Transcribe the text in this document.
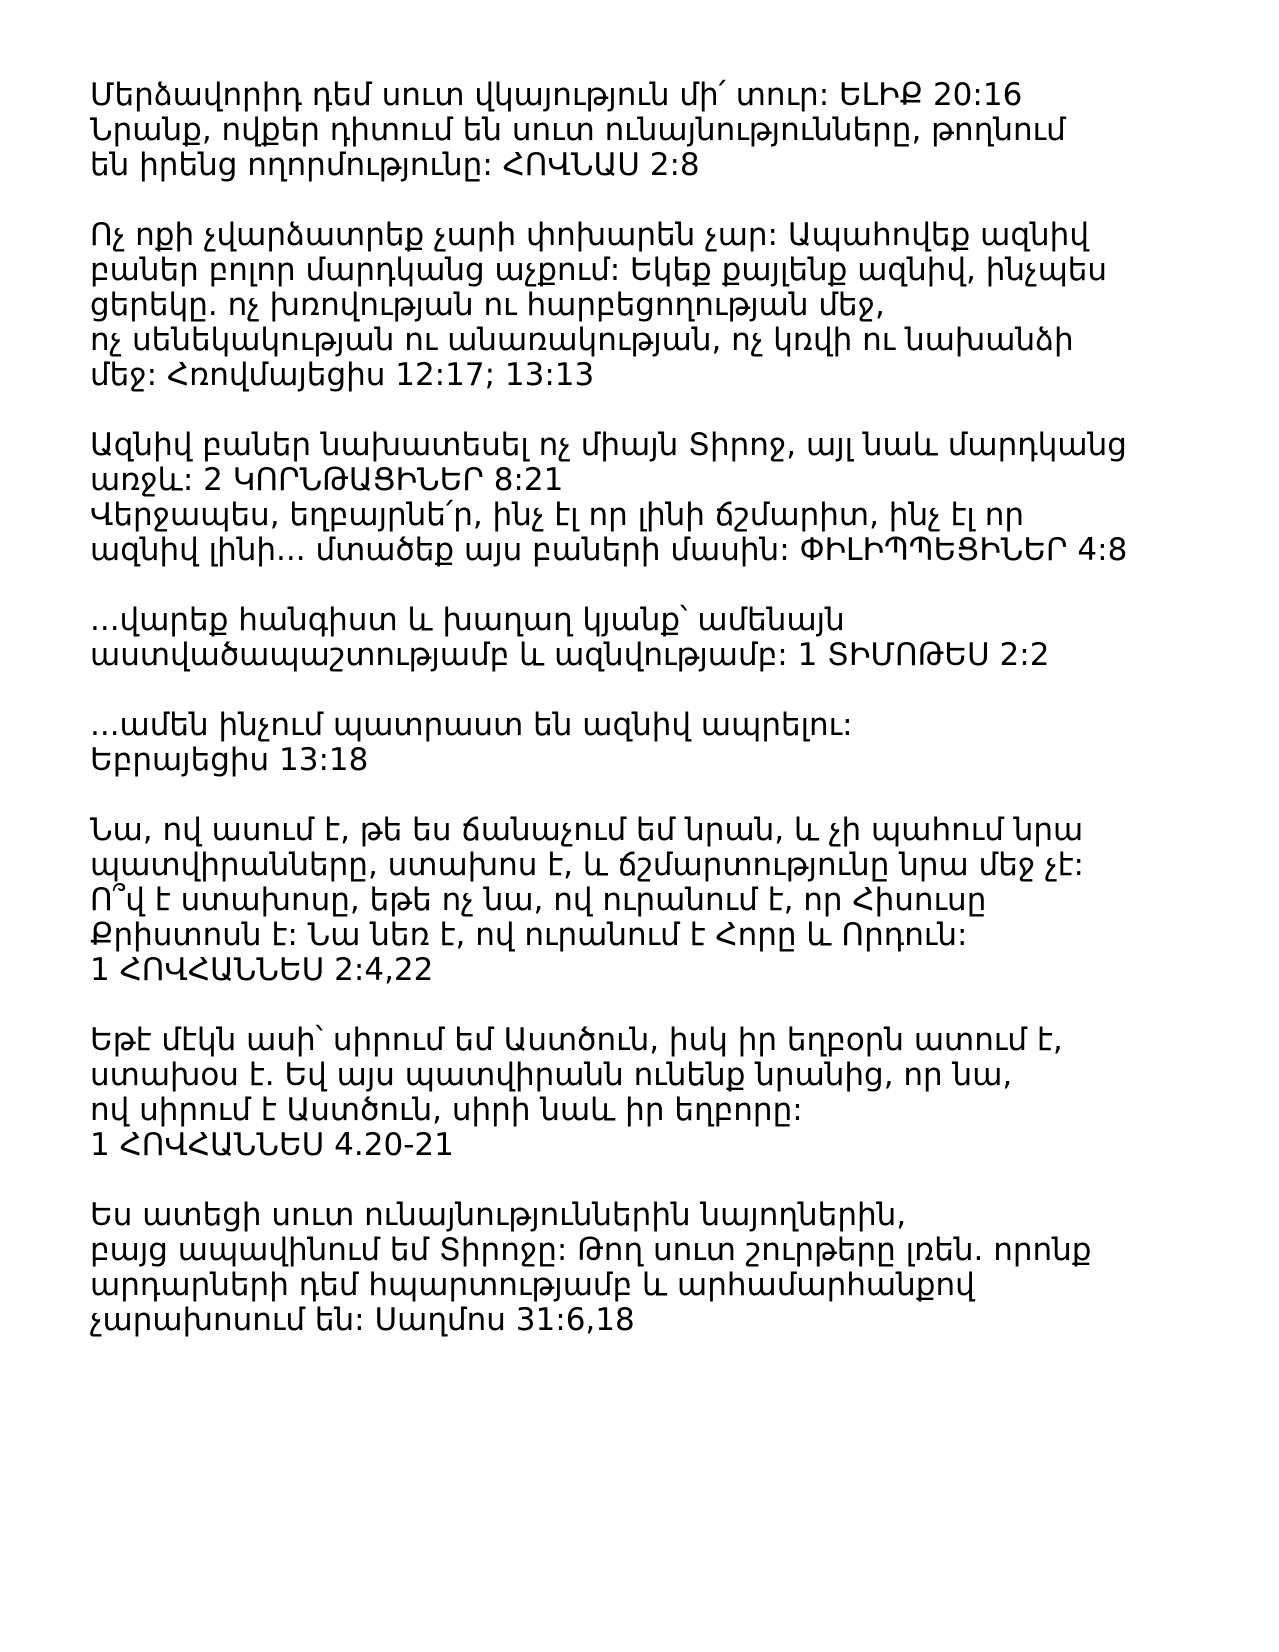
Մերձավորիդ դեմ սուտ վկայություն մի՛ տուր: ԵԼԻՔ 20:16
Նրանք, ովքեր դիտում են սուտ ունայնությունները, թողնում
են իրենց ողորմությունը: ՀՈՎՆԱՍ 2:8
Ոչ ոքի չվարձատրեք չարի փոխարեն չար: Ապահովեք ազնիվ
բաներ բոլոր մարդկանց աչքում: Եկեք քայլենք ազնիվ, ինչպես
ցերեկը. ոչ խռովության ու հարբեցողության մեջ,
ոչ սենեկակության ու անառակության, ոչ կռվի ու նախանձի
մեջ: Հռովմայեցիս 12:17; 13:13
Ազնիվ բաներ նախատեսել ոչ միայն Տիրոջ, այլ նաև մարդկանց
առջև: 2 ԿՈՐՆԹԱՑԻՆԵՐ 8:21
Վերջապես, եղբայրնե՛ր, ինչ էլ որ լինի ճշմարիտ, ինչ էլ որ
ազնիվ լինի... մտածեք այս բաների մասին: ՓԻԼԻՊՊԵՑԻՆԵՐ 4:8
...վարեք հանգիստ և խաղաղ կյանք՝ ամենայն
աստվածապաշտությամբ և ազնվությամբ: 1 ՏԻՄՈԹԵՍ 2:2
...ամեն ինչում պատրաստ են ազնիվ ապրելու:
Եբրայեցիս 13:18
Նա, ով ասում է, թե ես ճանաչում եմ նրան, և չի պահում նրա
պատվիրանները, ստախոս է, և ճշմարտությունը նրա մեջ չէ:
Ո՞վ է ստախոսը, եթե ոչ նա, ով ուրանում է, որ Հիսուսը
Քրիստոսն է: Նա նեռ է, ով ուրանում է Հորը և Որդուն:
1 ՀՈՎՀԱՆՆԵՍ 2:4,22
Եթէ մէկն ասի՝ սիրում եմ Աստծուն, իսկ իր եղբօրն ատում է,
ստախօս է. Եվ այս պատվիրանն ունենք նրանից, որ նա,
ով սիրում է Աստծուն, սիրի նաև իր եղբորը:
1 ՀՈՎՀԱՆՆԵՍ 4.20-21
Ես ատեցի սուտ ունայնություններին նայողներին,
բայց ապավինում եմ Տիրոջը: Թող սուտ շուրթերը լռեն. որոնք
արդարների դեմ հպարտությամբ և արհամարհանքով
չարախոսում են: Սաղմոս 31:6,18
